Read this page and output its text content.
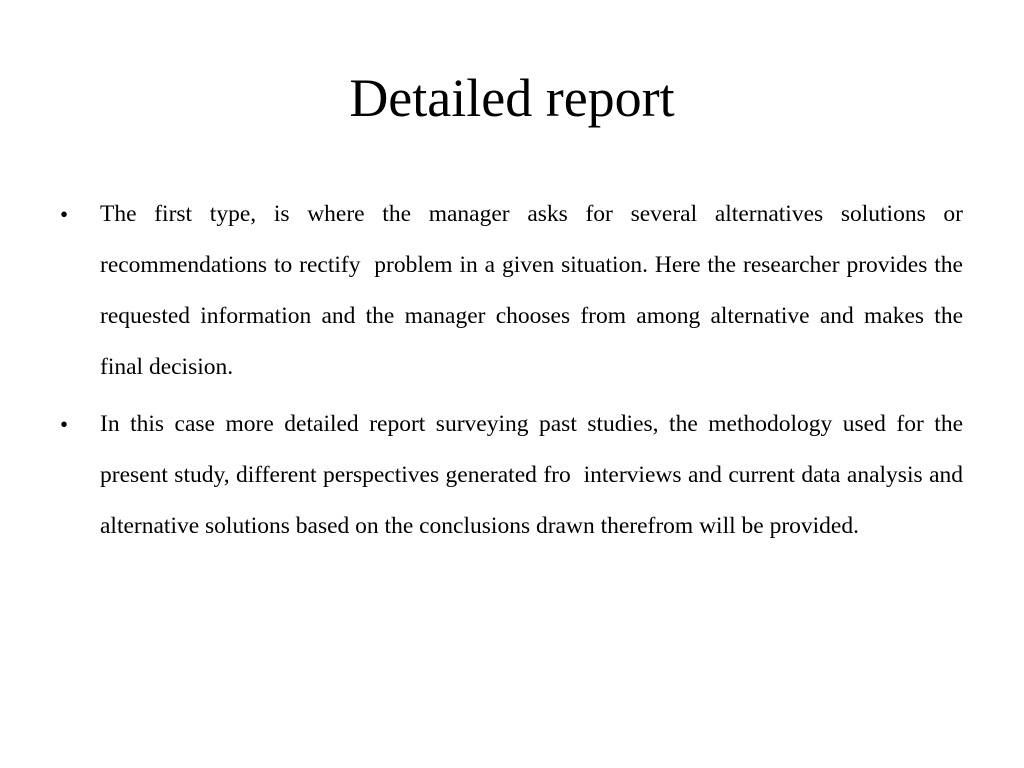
Detailed report
•	The first type, is where the manager asks for several alternatives solutions or recommendations to rectify  problem in a given situation. Here the researcher provides the requested information and the manager chooses from among alternative and makes the final decision.
•	In this case more detailed report surveying past studies, the methodology used for the present study, different perspectives generated fro  interviews and current data analysis and alternative solutions based on the conclusions drawn therefrom will be provided.
